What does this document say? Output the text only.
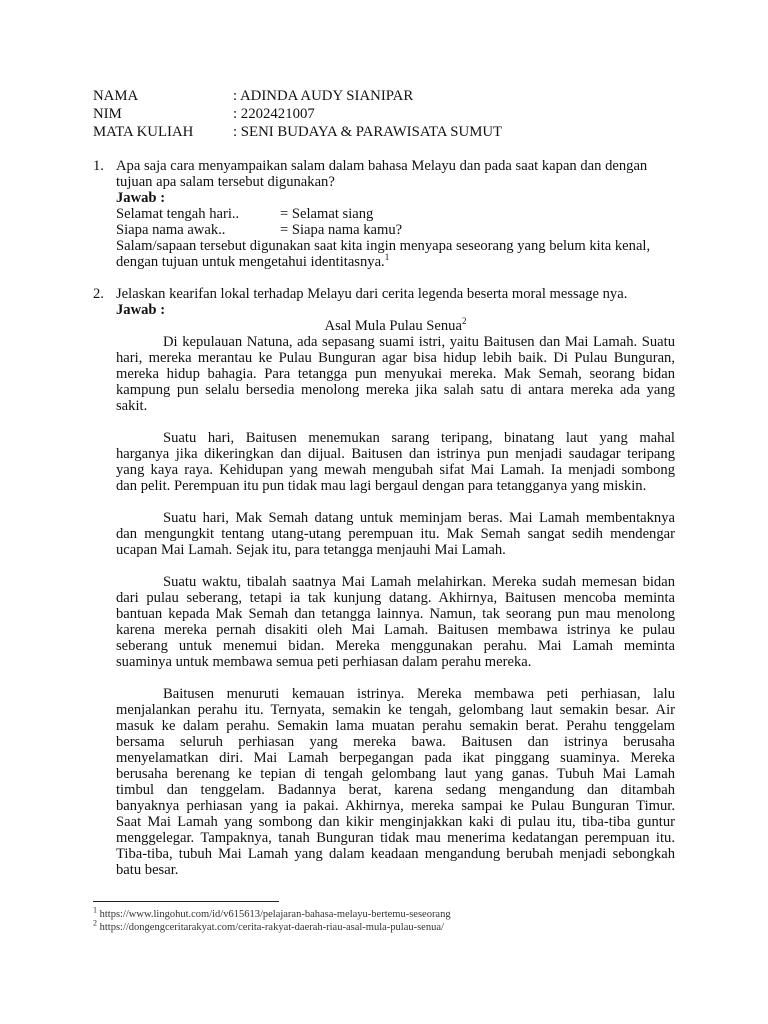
NAMA	: ADINDA AUDY SIANIPAR
NIM	: 2202421007
MATA KULIAH	: SENI BUDAYA & PARAWISATA SUMUT
1. Apa saja cara menyampaikan salam dalam bahasa Melayu dan pada saat kapan dan dengan
tujuan apa salam tersebut digunakan?
Jawab :
Selamat tengah hari..	= Selamat siang
Siapa nama awak..	= Siapa nama kamu?
Salam/sapaan tersebut digunakan saat kita ingin menyapa seseorang yang belum kita kenal,
dengan tujuan untuk mengetahui identitasnya.$^1$
2. Jelaskan kearifan lokal terhadap Melayu dari cerita legenda beserta moral message nya.
Jawab :
Asal Mula Pulau Senua$^2$
Di kepulauan Natuna, ada sepasang suami istri, yaitu Baitusen dan Mai Lamah. Suatu
hari, mereka merantau ke Pulau Bunguran agar bisa hidup lebih baik. Di Pulau Bunguran,
mereka hidup bahagia. Para tetangga pun menyukai mereka. Mak Semah, seorang bidan
kampung pun selalu bersedia menolong mereka jika salah satu di antara mereka ada yang
sakit.
Suatu hari, Baitusen menemukan sarang teripang, binatang laut yang mahal
harganya jika dikeringkan dan dijual. Baitusen dan istrinya pun menjadi saudagar teripang
yang kaya raya. Kehidupan yang mewah mengubah sifat Mai Lamah. Ia menjadi sombong
dan pelit. Perempuan itu pun tidak mau lagi bergaul dengan para tetangganya yang miskin.
Suatu hari, Mak Semah datang untuk meminjam beras. Mai Lamah membentaknya
dan mengungkit tentang utang-utang perempuan itu. Mak Semah sangat sedih mendengar
ucapan Mai Lamah. Sejak itu, para tetangga menjauhi Mai Lamah.
Suatu waktu, tibalah saatnya Mai Lamah melahirkan. Mereka sudah memesan bidan
dari pulau seberang, tetapi ia tak kunjung datang. Akhirnya, Baitusen mencoba meminta
bantuan kepada Mak Semah dan tetangga lainnya. Namun, tak seorang pun mau menolong
karena mereka pernah disakiti oleh Mai Lamah. Baitusen membawa istrinya ke pulau
seberang untuk menemui bidan. Mereka menggunakan perahu. Mai Lamah meminta
suaminya untuk membawa semua peti perhiasan dalam perahu mereka.
Baitusen menuruti kemauan istrinya. Mereka membawa peti perhiasan, lalu
menjalankan perahu itu. Ternyata, semakin ke tengah, gelombang laut semakin besar. Air
masuk ke dalam perahu. Semakin lama muatan perahu semakin berat. Perahu tenggelam
bersama seluruh perhiasan yang mereka bawa. Baitusen dan istrinya berusaha
menyelamatkan diri. Mai Lamah berpegangan pada ikat pinggang suaminya. Mereka
berusaha berenang ke tepian di tengah gelombang laut yang ganas. Tubuh Mai Lamah
timbul dan tenggelam. Badannya berat, karena sedang mengandung dan ditambah
banyaknya perhiasan yang ia pakai. Akhirnya, mereka sampai ke Pulau Bunguran Timur.
Saat Mai Lamah yang sombong dan kikir menginjakkan kaki di pulau itu, tiba-tiba guntur
menggelegar. Tampaknya, tanah Bunguran tidak mau menerima kedatangan perempuan itu.
Tiba-tiba, tubuh Mai Lamah yang dalam keadaan mengandung berubah menjadi sebongkah
batu besar.
$^1$ https://www.lingohut.com/id/v615613/pelajaran-bahasa-melayu-bertemu-seseorang
$^2$ https://dongengceritarakyat.com/cerita-rakyat-daerah-riau-asal-mula-pulau-senua/
